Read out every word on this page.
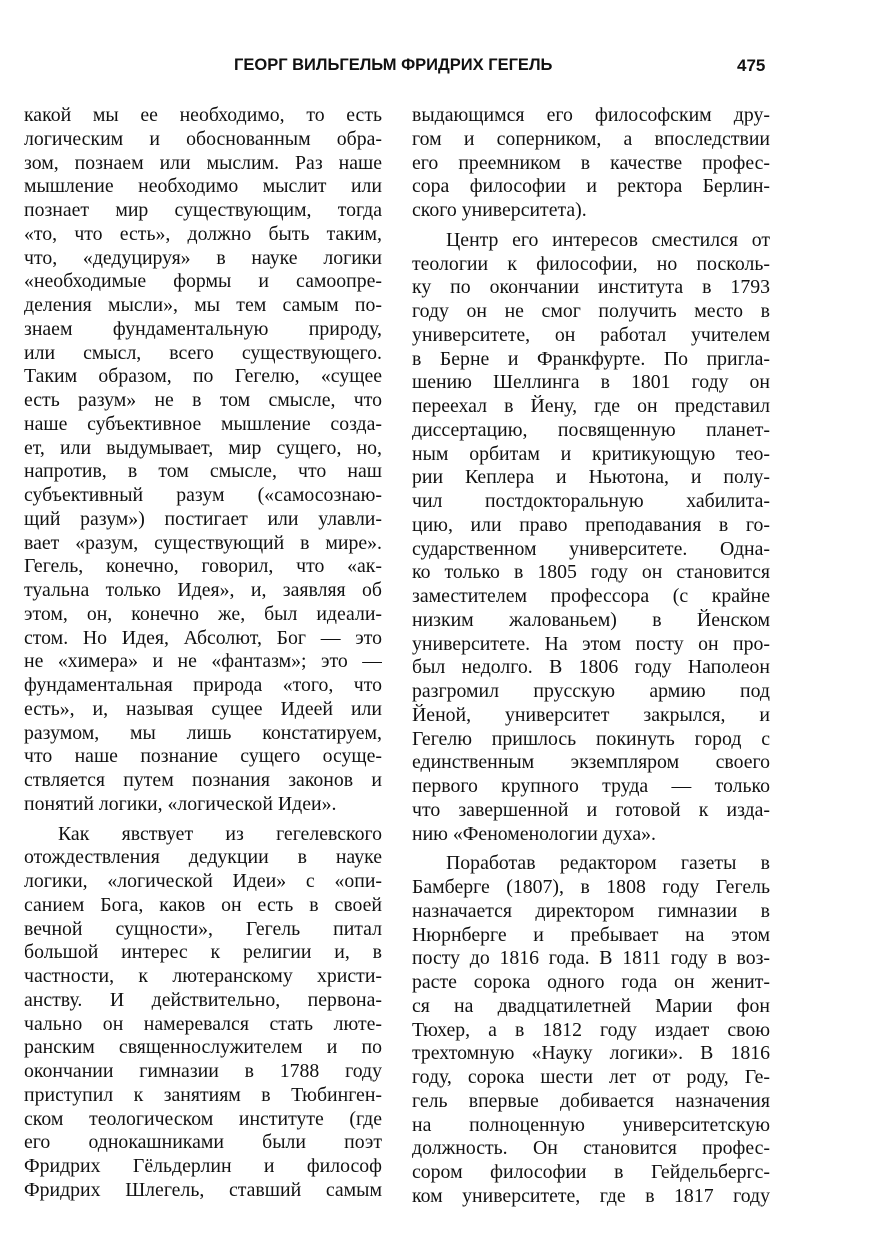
ГЕОРГ ВИЛЬГЕЛЬМ ФРИДРИХ ГЕГЕЛЬ	475
какой мы ее необходимо, то есть
логическим и обоснованным обра-
зом, познаем или мыслим. Раз наше
мышление необходимо мыслит или
познает мир существующим, тогда
«то, что есть», должно быть таким,
что, «дедуцируя» в науке логики
«необходимые формы и самоопре-
деления мысли», мы тем самым по-
знаем фундаментальную природу,
или смысл, всего существующего.
Таким образом, по Гегелю, «сущее
есть разум» не в том смысле, что
наше субъективное мышление созда-
ет, или выдумывает, мир сущего, но,
напротив, в том смысле, что наш
субъективный разум («самосознаю-
щий разум») постигает или улавли-
вает «разум, существующий в мире».
Гегель, конечно, говорил, что «ак-
туальна только Идея», и, заявляя об
этом, он, конечно же, был идеали-
стом. Но Идея, Абсолют, Бог — это
не «химера» и не «фантазм»; это —
фундаментальная природа «того, что
есть», и, называя сущее Идеей или
разумом, мы лишь констатируем,
что наше познание сущего осуще-
ствляется путем познания законов и
понятий логики, «логической Идеи».
Как явствует из гегелевского
отождествления дедукции в науке
логики, «логической Идеи» с «опи-
санием Бога, каков он есть в своей
вечной сущности», Гегель питал
большой интерес к религии и, в
частности, к лютеранскому христи-
анству. И действительно, первона-
чально он намеревался стать люте-
ранским священнослужителем и по
окончании гимназии в 1788 году
приступил к занятиям в Тюбинген-
ском теологическом институте (где
его однокашниками были поэт
Фридрих Гёльдерлин и философ
Фридрих Шлегель, ставший самым
выдающимся его философским дру-
гом и соперником, а впоследствии
его преемником в качестве профес-
сора философии и ректора Берлин-
ского университета).
Центр его интересов сместился от
теологии к философии, но посколь-
ку по окончании института в 1793
году он не смог получить место в
университете, он работал учителем
в Берне и Франкфурте. По пригла-
шению Шеллинга в 1801 году он
переехал в Йену, где он представил
диссертацию, посвященную планет-
ным орбитам и критикующую тео-
рии Кеплера и Ньютона, и полу-
чил постдокторальную хабилита-
цию, или право преподавания в го-
сударственном университете. Одна-
ко только в 1805 году он становится
заместителем профессора (с крайне
низким жалованьем) в Йенском
университете. На этом посту он про-
был недолго. В 1806 году Наполеон
разгромил прусскую армию под
Йеной, университет закрылся, и
Гегелю пришлось покинуть город с
единственным экземпляром своего
первого крупного труда — только
что завершенной и готовой к изда-
нию «Феноменологии духа».
Поработав редактором газеты в
Бамберге (1807), в 1808 году Гегель
назначается директором гимназии в
Нюрнберге и пребывает на этом
посту до 1816 года. В 1811 году в воз-
расте сорока одного года он женит-
ся на двадцатилетней Марии фон
Тюхер, а в 1812 году издает свою
трехтомную «Науку логики». В 1816
году, сорока шести лет от роду, Ге-
гель впервые добивается назначения
на полноценную университетскую
должность. Он становится профес-
сором философии в Гейдельбергс-
ком университете, где в 1817 году
